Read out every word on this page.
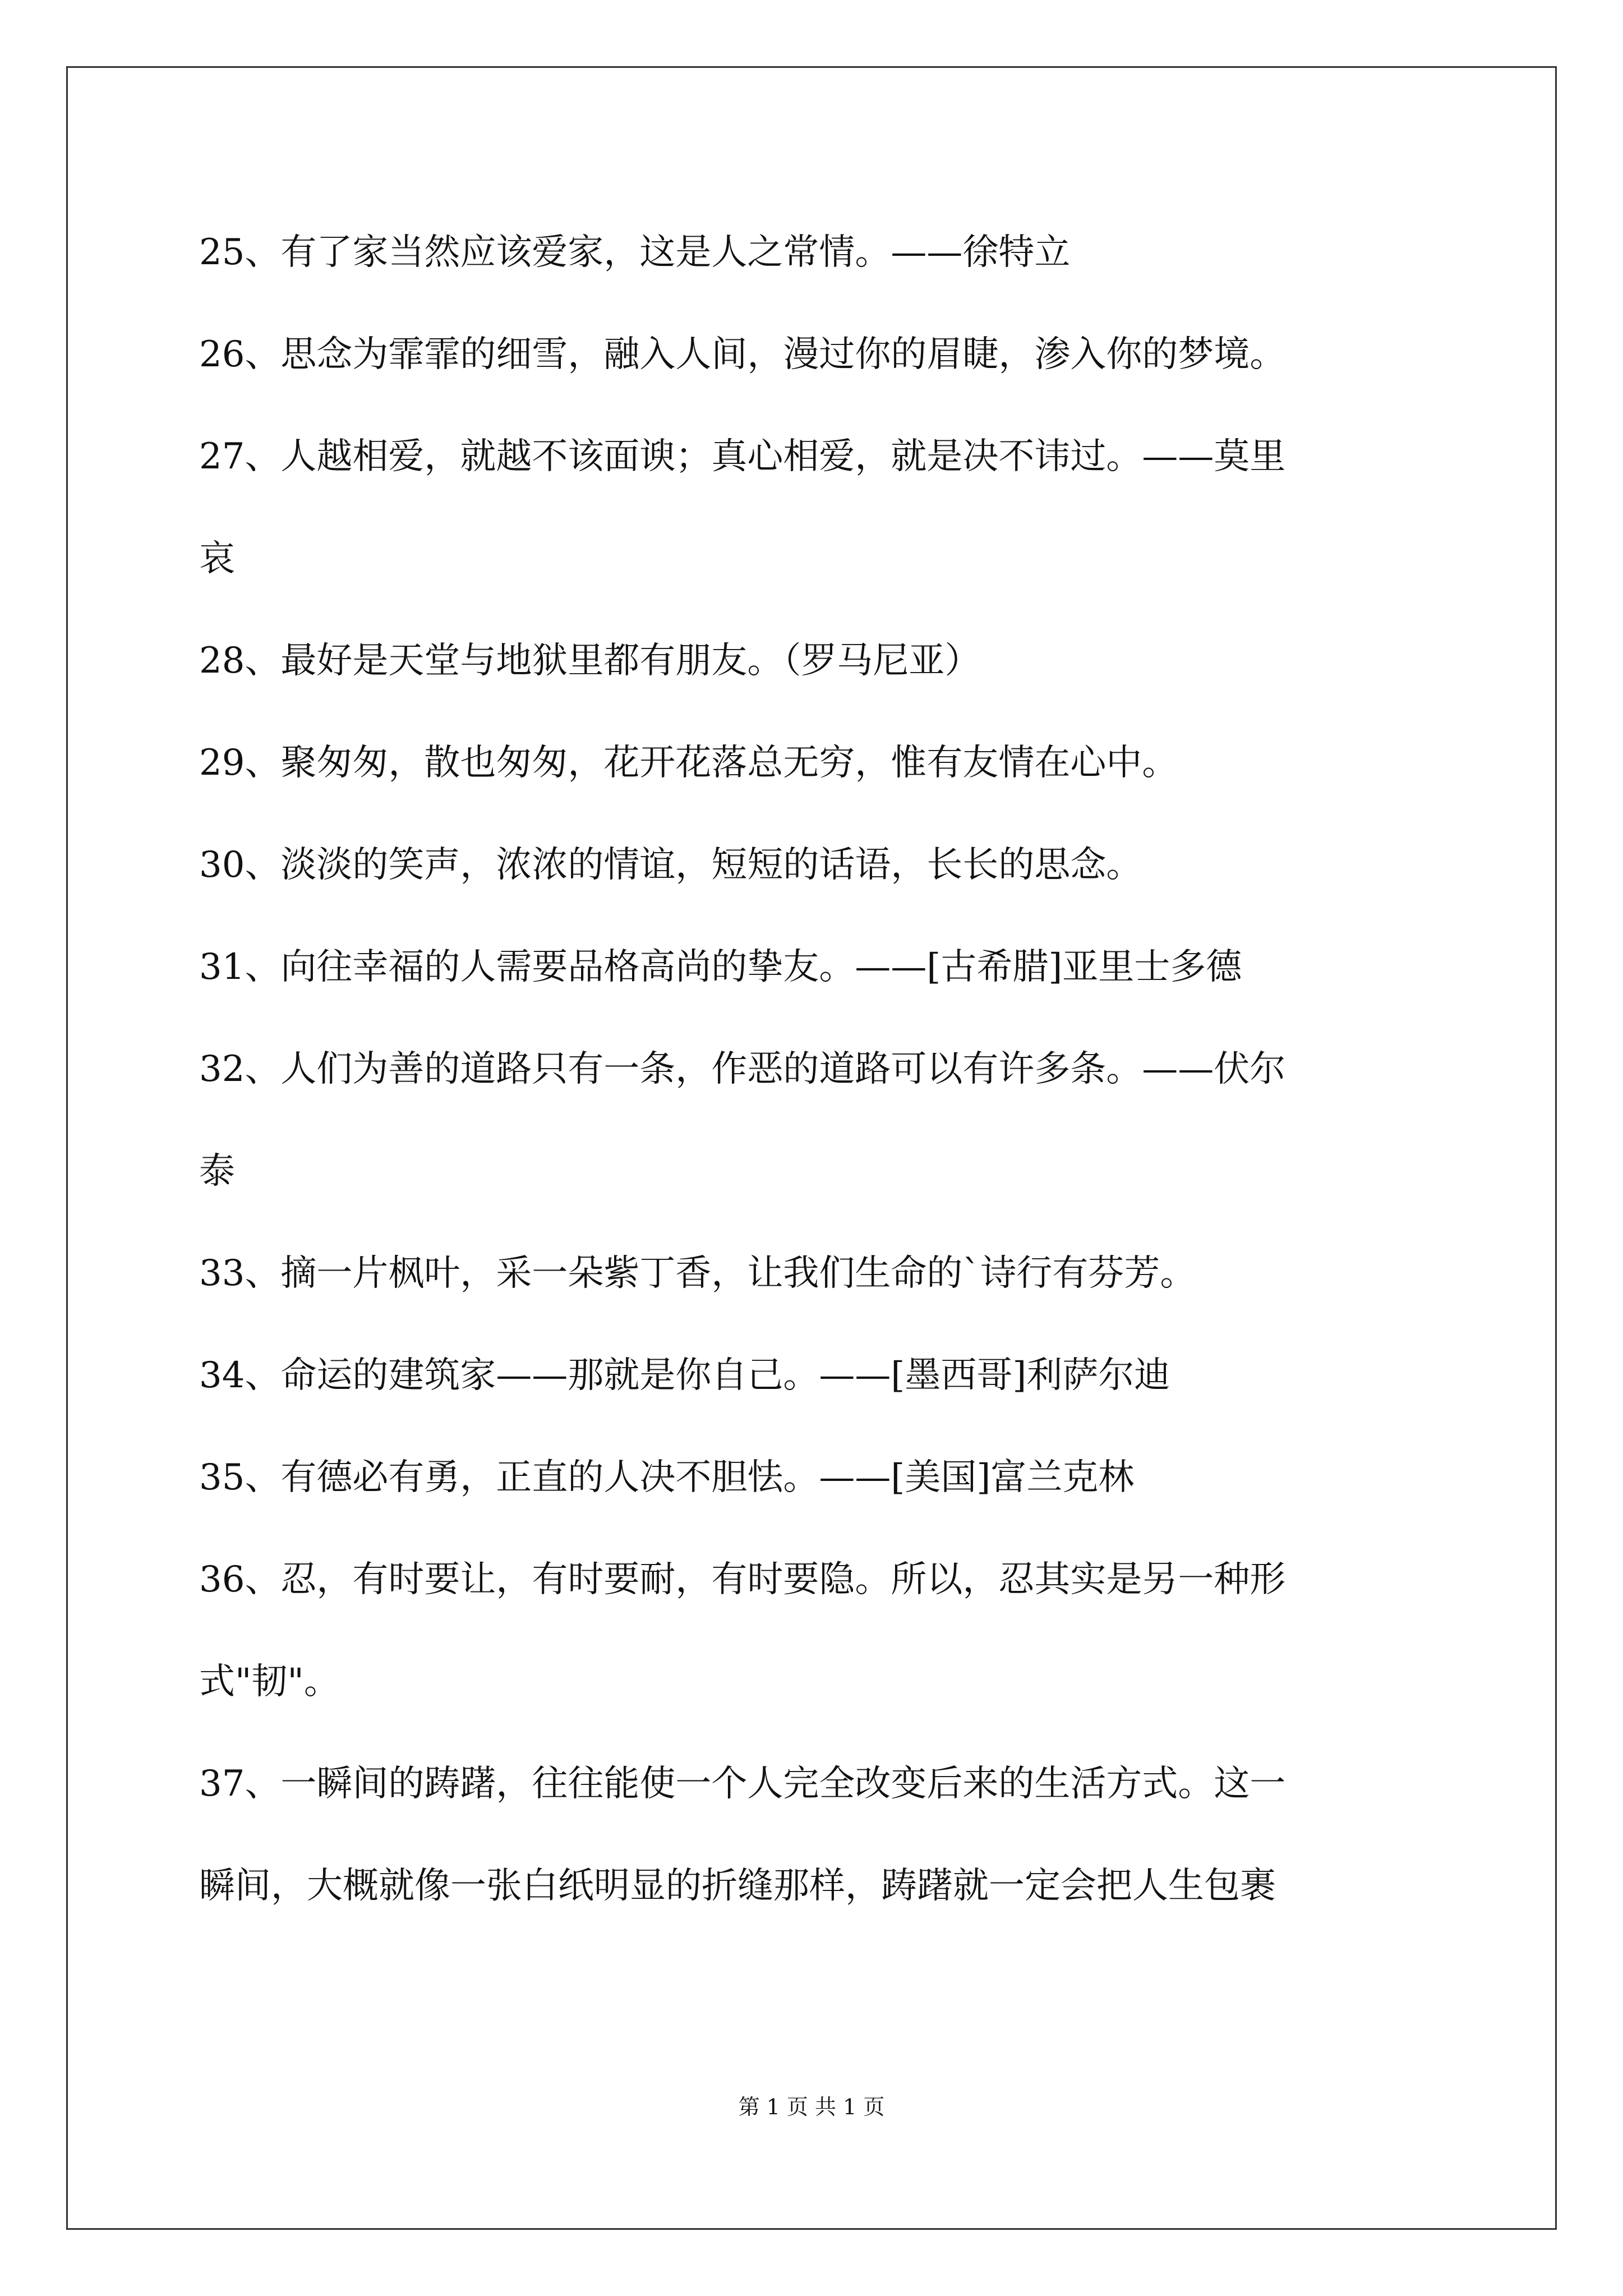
25、有了家当然应该爱家，这是人之常情。——徐特立
26、思念为霏霏的细雪，融入人间，漫过你的眉睫，渗入你的梦境。
27、人越相爱，就越不该面谀；真心相爱，就是决不讳过。——莫里
哀
28、最好是天堂与地狱里都有朋友。（罗马尼亚）
29、聚匆匆，散也匆匆，花开花落总无穷，惟有友情在心中。
30、淡淡的笑声，浓浓的情谊，短短的话语，长长的思念。
31、向往幸福的人需要品格高尚的挚友。——[古希腊]亚里士多德
32、人们为善的道路只有一条，作恶的道路可以有许多条。——伏尔
泰
33、摘一片枫叶，采一朵紫丁香，让我们生命的`诗行有芬芳。
34、命运的建筑家——那就是你自己。——[墨西哥]利萨尔迪
35、有德必有勇，正直的人决不胆怯。——[美国]富兰克林
36、忍，有时要让，有时要耐，有时要隐。所以，忍其实是另一种形
式"韧"。
37、一瞬间的踌躇，往往能使一个人完全改变后来的生活方式。这一
瞬间，大概就像一张白纸明显的折缝那样，踌躇就一定会把人生包裹
第 1 页 共 1 页
